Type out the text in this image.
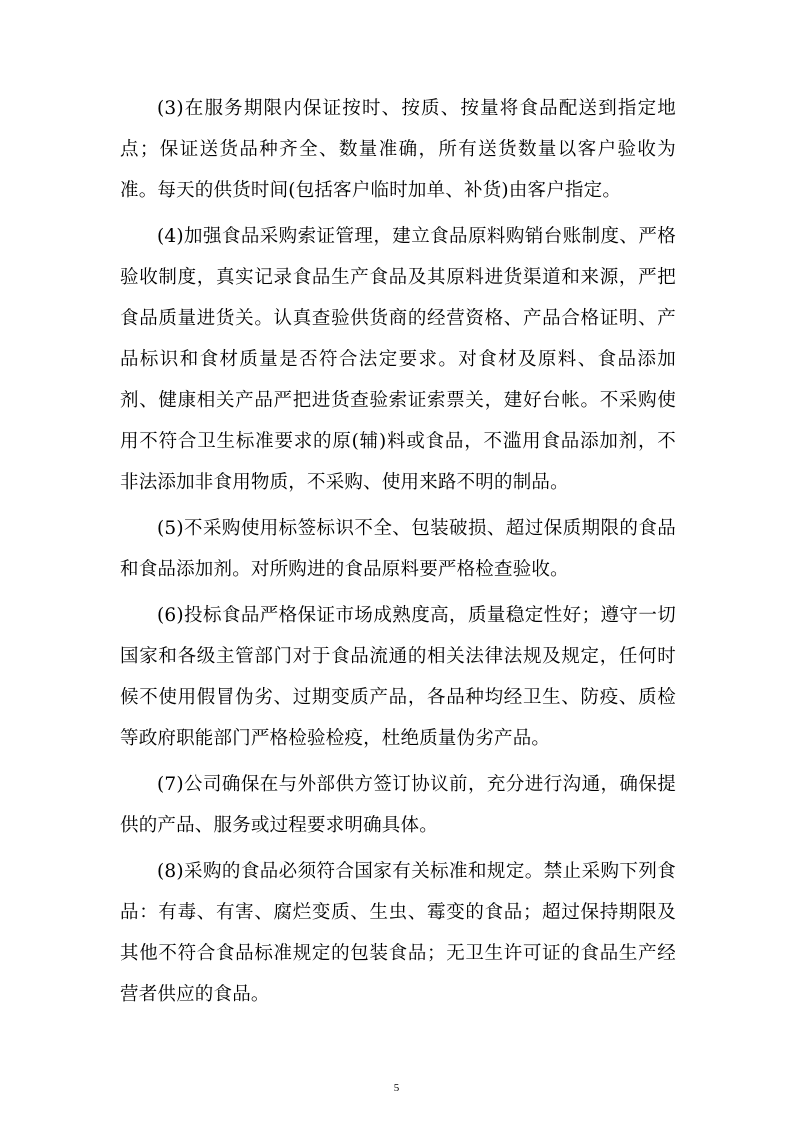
(3)在服务期限内保证按时、按质、按量将食品配送到指定地点；保证送货品种齐全、数量准确，所有送货数量以客户验收为准。每天的供货时间(包括客户临时加单、补货)由客户指定。

(4)加强食品采购索证管理，建立食品原料购销台账制度、严格验收制度，真实记录食品生产食品及其原料进货渠道和来源，严把食品质量进货关。认真查验供货商的经营资格、产品合格证明、产品标识和食材质量是否符合法定要求。对食材及原料、食品添加剂、健康相关产品严把进货查验索证索票关，建好台帐。不采购使用不符合卫生标准要求的原(辅)料或食品，不滥用食品添加剂，不非法添加非食用物质，不采购、使用来路不明的制品。

(5)不采购使用标签标识不全、包装破损、超过保质期限的食品和食品添加剂。对所购进的食品原料要严格检查验收。

(6)投标食品严格保证市场成熟度高，质量稳定性好；遵守一切国家和各级主管部门对于食品流通的相关法律法规及规定，任何时候不使用假冒伪劣、过期变质产品，各品种均经卫生、防疫、质检等政府职能部门严格检验检疫，杜绝质量伪劣产品。

(7)公司确保在与外部供方签订协议前，充分进行沟通，确保提供的产品、服务或过程要求明确具体。

(8)采购的食品必须符合国家有关标准和规定。禁止采购下列食品：有毒、有害、腐烂变质、生虫、霉变的食品；超过保持期限及其他不符合食品标准规定的包装食品；无卫生许可证的食品生产经营者供应的食品。

5
